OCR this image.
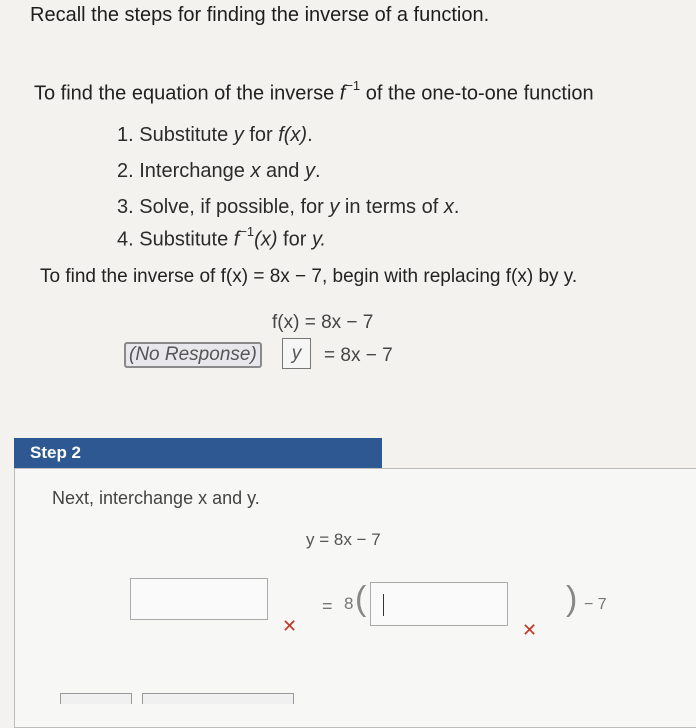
Recall the steps for finding the inverse of a function.
To find the equation of the inverse $f^{-1}$ of the one-to-one function
1. Substitute y for f(x).
2. Interchange x and y.
3. Solve, if possible, for y in terms of x.
4. Substitute $f^{-1}(x)$ for y.
To find the inverse of f(x) = 8x − 7, begin with replacing f(x) by y.
f(x) = 8x − 7
(No Response)	y	= 8x − 7
Step 2
Next, interchange x and y.
y = 8x − 7
✕
= 8 (
✕
) − 7
